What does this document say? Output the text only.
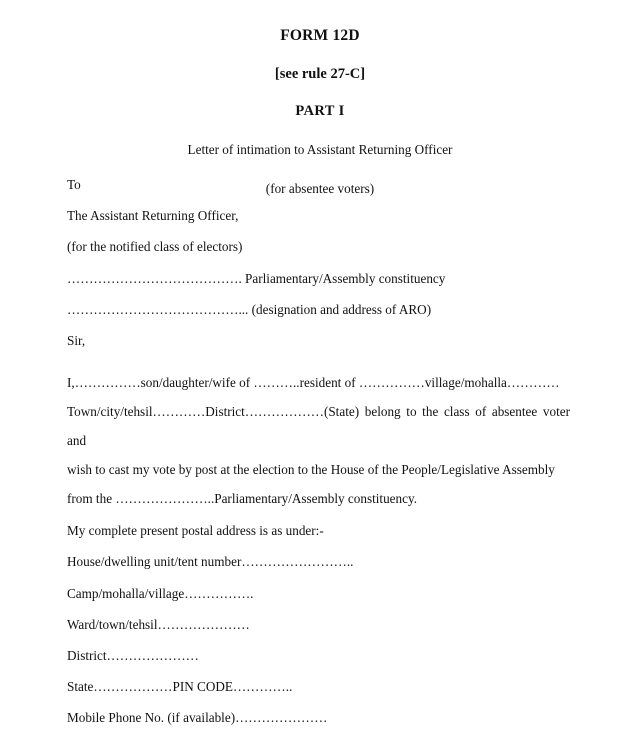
FORM 12D
[see rule 27-C]
PART I
Letter of intimation to Assistant Returning Officer
(for absentee voters)
To
The Assistant Returning Officer,
(for the notified class of electors)
…………………………………. Parliamentary/Assembly constituency
…………………………………... (designation and address of ARO)
Sir,

I,……………son/daughter/wife of ………..resident of ……………village/mohalla…………

Town/city/tehsil…………District………………(State) belong to the class of absentee voter and

wish to cast my vote by post at the election to the House of the People/Legislative Assembly

from the …………………..Parliamentary/Assembly constituency.

My complete present postal address is as under:-
House/dwelling unit/tent number……………………..
Camp/mohalla/village…………….
Ward/town/tehsil…………………
District…………………
State………………PIN CODE…………..
Mobile Phone No. (if available)…………………
